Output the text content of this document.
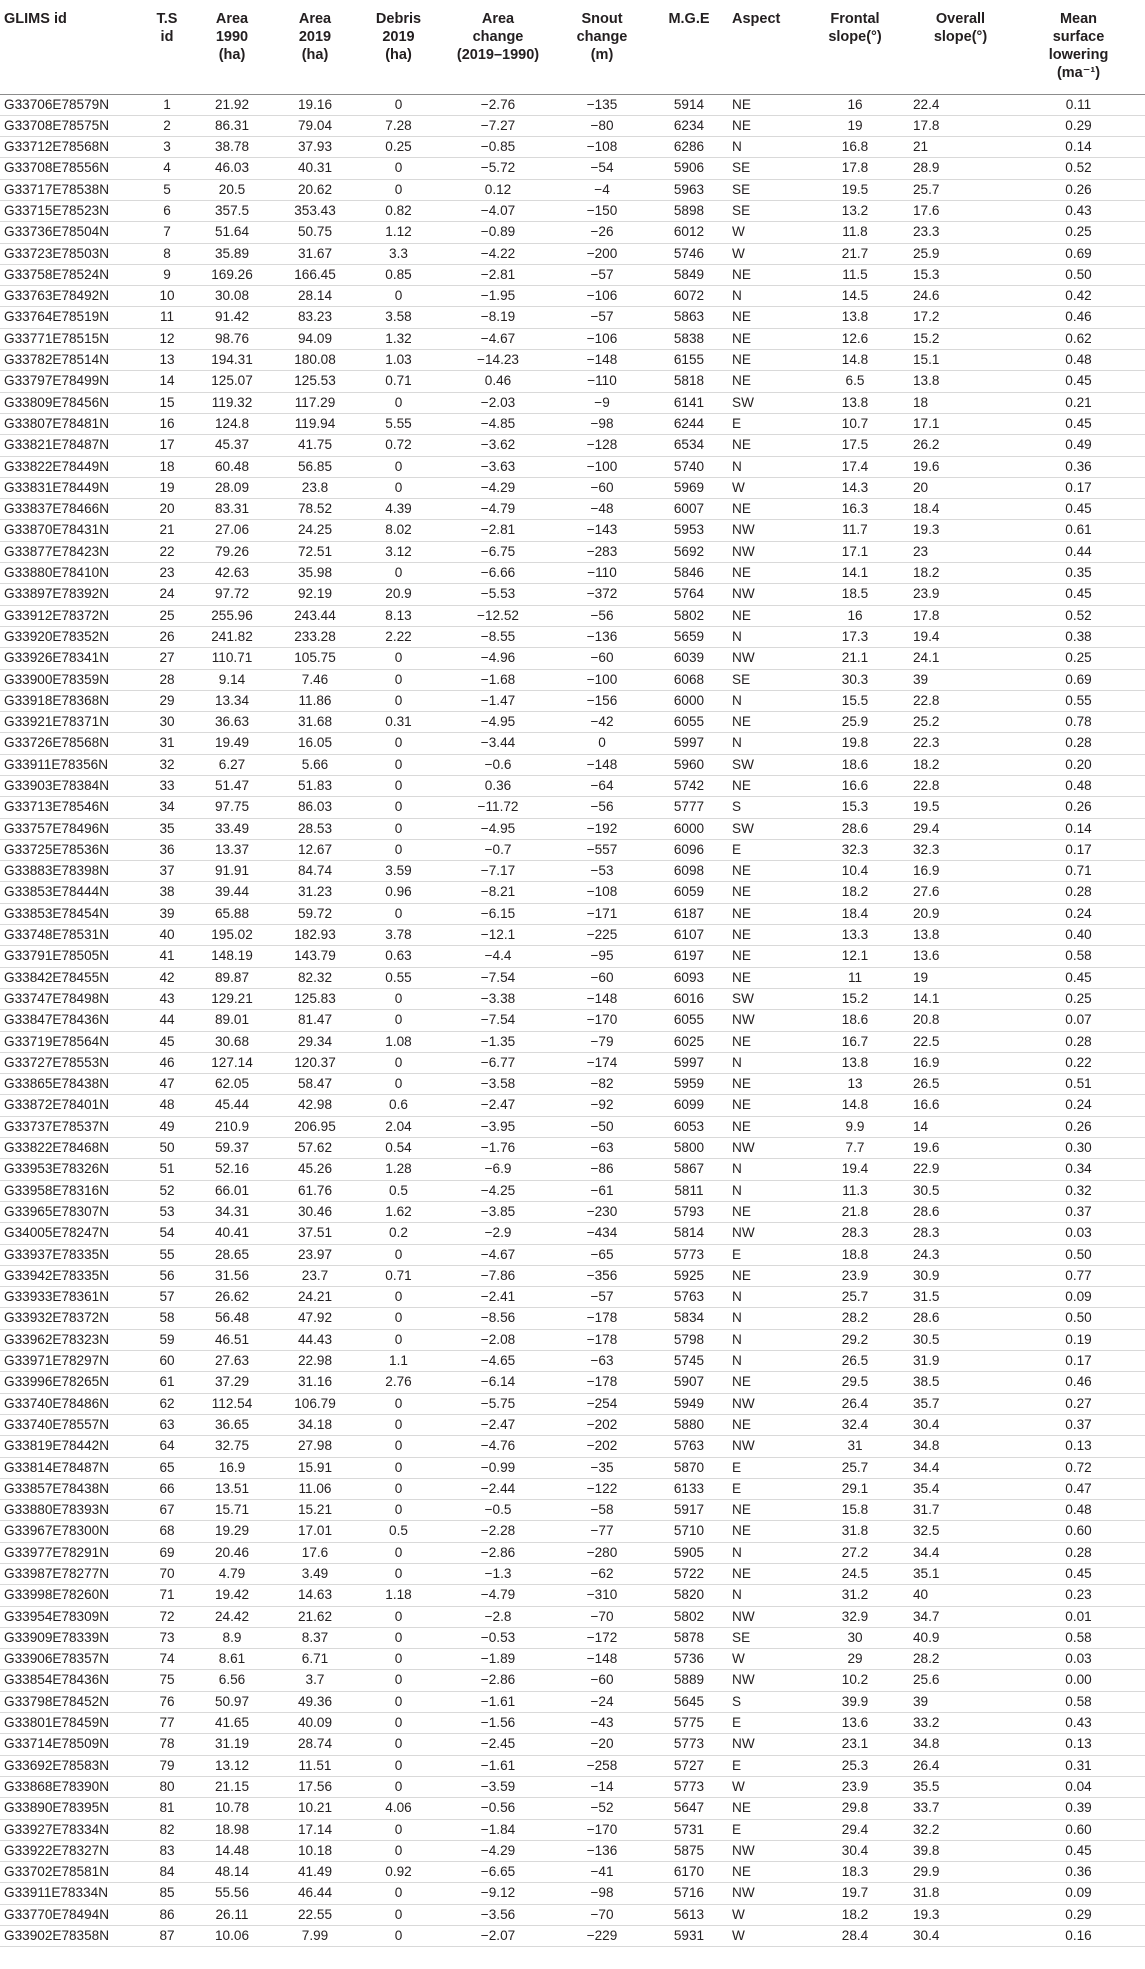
GLIMS id	T.S
id	Area
1990
(ha)	Area
2019
(ha)	Debris
2019
(ha)	Area
change
(2019–1990)	Snout
change
(m)	M.G.E	Aspect	Frontal
slope(°)	Overall
slope(°)	Mean
surface
lowering
(ma⁻¹)
G33706E78579N	1	21.92	19.16	0	−2.76	−135	5914	NE	16	22.4	0.11
G33708E78575N	2	86.31	79.04	7.28	−7.27	−80	6234	NE	19	17.8	0.29
G33712E78568N	3	38.78	37.93	0.25	−0.85	−108	6286	N	16.8	21	0.14
G33708E78556N	4	46.03	40.31	0	−5.72	−54	5906	SE	17.8	28.9	0.52
G33717E78538N	5	20.5	20.62	0	0.12	−4	5963	SE	19.5	25.7	0.26
G33715E78523N	6	357.5	353.43	0.82	−4.07	−150	5898	SE	13.2	17.6	0.43
G33736E78504N	7	51.64	50.75	1.12	−0.89	−26	6012	W	11.8	23.3	0.25
G33723E78503N	8	35.89	31.67	3.3	−4.22	−200	5746	W	21.7	25.9	0.69
G33758E78524N	9	169.26	166.45	0.85	−2.81	−57	5849	NE	11.5	15.3	0.50
G33763E78492N	10	30.08	28.14	0	−1.95	−106	6072	N	14.5	24.6	0.42
G33764E78519N	11	91.42	83.23	3.58	−8.19	−57	5863	NE	13.8	17.2	0.46
G33771E78515N	12	98.76	94.09	1.32	−4.67	−106	5838	NE	12.6	15.2	0.62
G33782E78514N	13	194.31	180.08	1.03	−14.23	−148	6155	NE	14.8	15.1	0.48
G33797E78499N	14	125.07	125.53	0.71	0.46	−110	5818	NE	6.5	13.8	0.45
G33809E78456N	15	119.32	117.29	0	−2.03	−9	6141	SW	13.8	18	0.21
G33807E78481N	16	124.8	119.94	5.55	−4.85	−98	6244	E	10.7	17.1	0.45
G33821E78487N	17	45.37	41.75	0.72	−3.62	−128	6534	NE	17.5	26.2	0.49
G33822E78449N	18	60.48	56.85	0	−3.63	−100	5740	N	17.4	19.6	0.36
G33831E78449N	19	28.09	23.8	0	−4.29	−60	5969	W	14.3	20	0.17
G33837E78466N	20	83.31	78.52	4.39	−4.79	−48	6007	NE	16.3	18.4	0.45
G33870E78431N	21	27.06	24.25	8.02	−2.81	−143	5953	NW	11.7	19.3	0.61
G33877E78423N	22	79.26	72.51	3.12	−6.75	−283	5692	NW	17.1	23	0.44
G33880E78410N	23	42.63	35.98	0	−6.66	−110	5846	NE	14.1	18.2	0.35
G33897E78392N	24	97.72	92.19	20.9	−5.53	−372	5764	NW	18.5	23.9	0.45
G33912E78372N	25	255.96	243.44	8.13	−12.52	−56	5802	NE	16	17.8	0.52
G33920E78352N	26	241.82	233.28	2.22	−8.55	−136	5659	N	17.3	19.4	0.38
G33926E78341N	27	110.71	105.75	0	−4.96	−60	6039	NW	21.1	24.1	0.25
G33900E78359N	28	9.14	7.46	0	−1.68	−100	6068	SE	30.3	39	0.69
G33918E78368N	29	13.34	11.86	0	−1.47	−156	6000	N	15.5	22.8	0.55
G33921E78371N	30	36.63	31.68	0.31	−4.95	−42	6055	NE	25.9	25.2	0.78
G33726E78568N	31	19.49	16.05	0	−3.44	0	5997	N	19.8	22.3	0.28
G33911E78356N	32	6.27	5.66	0	−0.6	−148	5960	SW	18.6	18.2	0.20
G33903E78384N	33	51.47	51.83	0	0.36	−64	5742	NE	16.6	22.8	0.48
G33713E78546N	34	97.75	86.03	0	−11.72	−56	5777	S	15.3	19.5	0.26
G33757E78496N	35	33.49	28.53	0	−4.95	−192	6000	SW	28.6	29.4	0.14
G33725E78536N	36	13.37	12.67	0	−0.7	−557	6096	E	32.3	32.3	0.17
G33883E78398N	37	91.91	84.74	3.59	−7.17	−53	6098	NE	10.4	16.9	0.71
G33853E78444N	38	39.44	31.23	0.96	−8.21	−108	6059	NE	18.2	27.6	0.28
G33853E78454N	39	65.88	59.72	0	−6.15	−171	6187	NE	18.4	20.9	0.24
G33748E78531N	40	195.02	182.93	3.78	−12.1	−225	6107	NE	13.3	13.8	0.40
G33791E78505N	41	148.19	143.79	0.63	−4.4	−95	6197	NE	12.1	13.6	0.58
G33842E78455N	42	89.87	82.32	0.55	−7.54	−60	6093	NE	11	19	0.45
G33747E78498N	43	129.21	125.83	0	−3.38	−148	6016	SW	15.2	14.1	0.25
G33847E78436N	44	89.01	81.47	0	−7.54	−170	6055	NW	18.6	20.8	0.07
G33719E78564N	45	30.68	29.34	1.08	−1.35	−79	6025	NE	16.7	22.5	0.28
G33727E78553N	46	127.14	120.37	0	−6.77	−174	5997	N	13.8	16.9	0.22
G33865E78438N	47	62.05	58.47	0	−3.58	−82	5959	NE	13	26.5	0.51
G33872E78401N	48	45.44	42.98	0.6	−2.47	−92	6099	NE	14.8	16.6	0.24
G33737E78537N	49	210.9	206.95	2.04	−3.95	−50	6053	NE	9.9	14	0.26
G33822E78468N	50	59.37	57.62	0.54	−1.76	−63	5800	NW	7.7	19.6	0.30
G33953E78326N	51	52.16	45.26	1.28	−6.9	−86	5867	N	19.4	22.9	0.34
G33958E78316N	52	66.01	61.76	0.5	−4.25	−61	5811	N	11.3	30.5	0.32
G33965E78307N	53	34.31	30.46	1.62	−3.85	−230	5793	NE	21.8	28.6	0.37
G34005E78247N	54	40.41	37.51	0.2	−2.9	−434	5814	NW	28.3	28.3	0.03
G33937E78335N	55	28.65	23.97	0	−4.67	−65	5773	E	18.8	24.3	0.50
G33942E78335N	56	31.56	23.7	0.71	−7.86	−356	5925	NE	23.9	30.9	0.77
G33933E78361N	57	26.62	24.21	0	−2.41	−57	5763	N	25.7	31.5	0.09
G33932E78372N	58	56.48	47.92	0	−8.56	−178	5834	N	28.2	28.6	0.50
G33962E78323N	59	46.51	44.43	0	−2.08	−178	5798	N	29.2	30.5	0.19
G33971E78297N	60	27.63	22.98	1.1	−4.65	−63	5745	N	26.5	31.9	0.17
G33996E78265N	61	37.29	31.16	2.76	−6.14	−178	5907	NE	29.5	38.5	0.46
G33740E78486N	62	112.54	106.79	0	−5.75	−254	5949	NW	26.4	35.7	0.27
G33740E78557N	63	36.65	34.18	0	−2.47	−202	5880	NE	32.4	30.4	0.37
G33819E78442N	64	32.75	27.98	0	−4.76	−202	5763	NW	31	34.8	0.13
G33814E78487N	65	16.9	15.91	0	−0.99	−35	5870	E	25.7	34.4	0.72
G33857E78438N	66	13.51	11.06	0	−2.44	−122	6133	E	29.1	35.4	0.47
G33880E78393N	67	15.71	15.21	0	−0.5	−58	5917	NE	15.8	31.7	0.48
G33967E78300N	68	19.29	17.01	0.5	−2.28	−77	5710	NE	31.8	32.5	0.60
G33977E78291N	69	20.46	17.6	0	−2.86	−280	5905	N	27.2	34.4	0.28
G33987E78277N	70	4.79	3.49	0	−1.3	−62	5722	NE	24.5	35.1	0.45
G33998E78260N	71	19.42	14.63	1.18	−4.79	−310	5820	N	31.2	40	0.23
G33954E78309N	72	24.42	21.62	0	−2.8	−70	5802	NW	32.9	34.7	0.01
G33909E78339N	73	8.9	8.37	0	−0.53	−172	5878	SE	30	40.9	0.58
G33906E78357N	74	8.61	6.71	0	−1.89	−148	5736	W	29	28.2	0.03
G33854E78436N	75	6.56	3.7	0	−2.86	−60	5889	NW	10.2	25.6	0.00
G33798E78452N	76	50.97	49.36	0	−1.61	−24	5645	S	39.9	39	0.58
G33801E78459N	77	41.65	40.09	0	−1.56	−43	5775	E	13.6	33.2	0.43
G33714E78509N	78	31.19	28.74	0	−2.45	−20	5773	NW	23.1	34.8	0.13
G33692E78583N	79	13.12	11.51	0	−1.61	−258	5727	E	25.3	26.4	0.31
G33868E78390N	80	21.15	17.56	0	−3.59	−14	5773	W	23.9	35.5	0.04
G33890E78395N	81	10.78	10.21	4.06	−0.56	−52	5647	NE	29.8	33.7	0.39
G33927E78334N	82	18.98	17.14	0	−1.84	−170	5731	E	29.4	32.2	0.60
G33922E78327N	83	14.48	10.18	0	−4.29	−136	5875	NW	30.4	39.8	0.45
G33702E78581N	84	48.14	41.49	0.92	−6.65	−41	6170	NE	18.3	29.9	0.36
G33911E78334N	85	55.56	46.44	0	−9.12	−98	5716	NW	19.7	31.8	0.09
G33770E78494N	86	26.11	22.55	0	−3.56	−70	5613	W	18.2	19.3	0.29
G33902E78358N	87	10.06	7.99	0	−2.07	−229	5931	W	28.4	30.4	0.16
